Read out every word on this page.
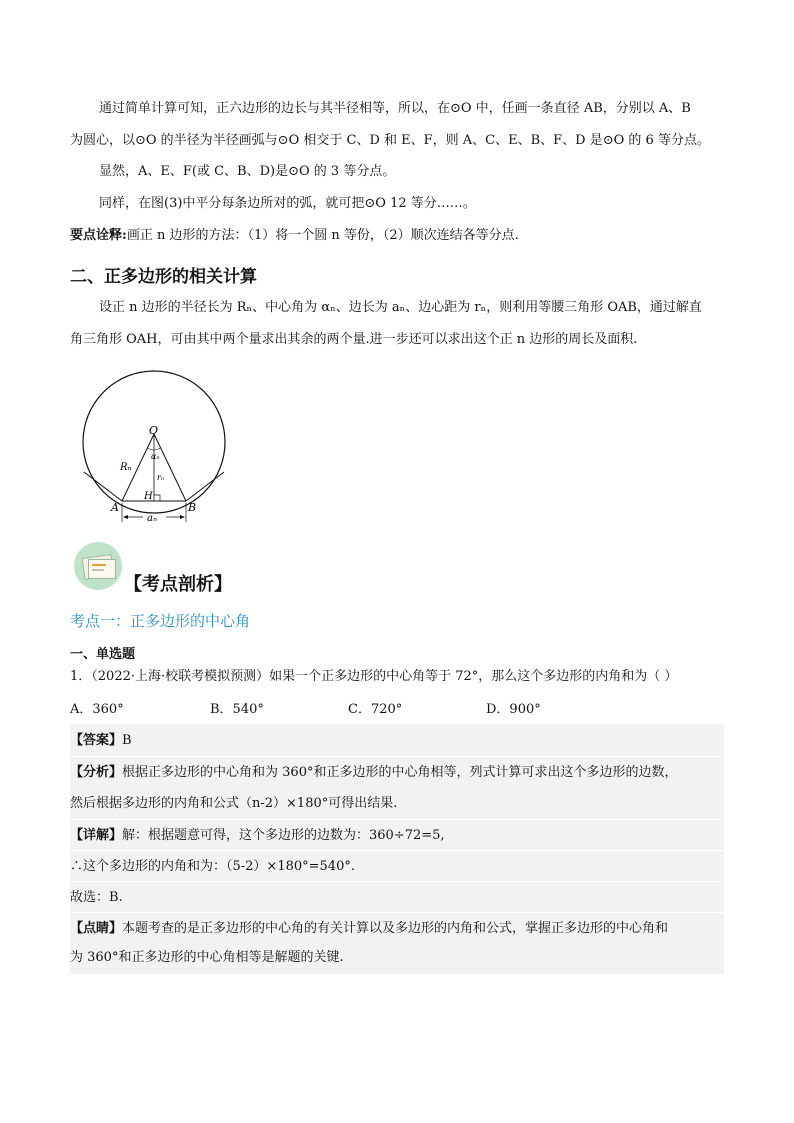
通过简单计算可知，正六边形的边长与其半径相等，所以，在⊙O 中，任画一条直径 AB，分别以 A、B
为圆心，以⊙O 的半径为半径画弧与⊙O 相交于 C、D 和 E、F，则 A、C、E、B、F、D 是⊙O 的 6 等分点。
显然，A、E、F(或 C、B、D)是⊙O 的 3 等分点。
同样，在图(3)中平分每条边所对的弧，就可把⊙O 12 等分……。
要点诠释:画正 n 边形的方法：（1）将一个圆 n 等份，（2）顺次连结各等分点.
二、正多边形的相关计算
设正 n 边形的半径长为 Rₙ、中心角为 αₙ、边长为 aₙ、边心距为 rₙ，则利用等腰三角形 OAB，通过解直
角三角形 OAH，可由其中两个量求出其余的两个量.进一步还可以求出这个正 n 边形的周长及面积.
O
A	B
H
Rₙ
αₙ
rₙ
aₙ
【考点剖析】
考点一：正多边形的中心角
一、单选题
1．（2022·上海·校联考模拟预测）如果一个正多边形的中心角等于 72°，那么这个多边形的内角和为（ ）
A．360°	B．540°	C．720°	D．900°
【答案】B
【分析】根据正多边形的中心角和为 360°和正多边形的中心角相等，列式计算可求出这个多边形的边数，
然后根据多边形的内角和公式（n-2）×180°可得出结果.
【详解】解：根据题意可得，这个多边形的边数为：360÷72=5,
∴这个多边形的内角和为：（5-2）×180°=540°.
故选：B.
【点睛】本题考查的是正多边形的中心角的有关计算以及多边形的内角和公式，掌握正多边形的中心角和
为 360°和正多边形的中心角相等是解题的关键.
